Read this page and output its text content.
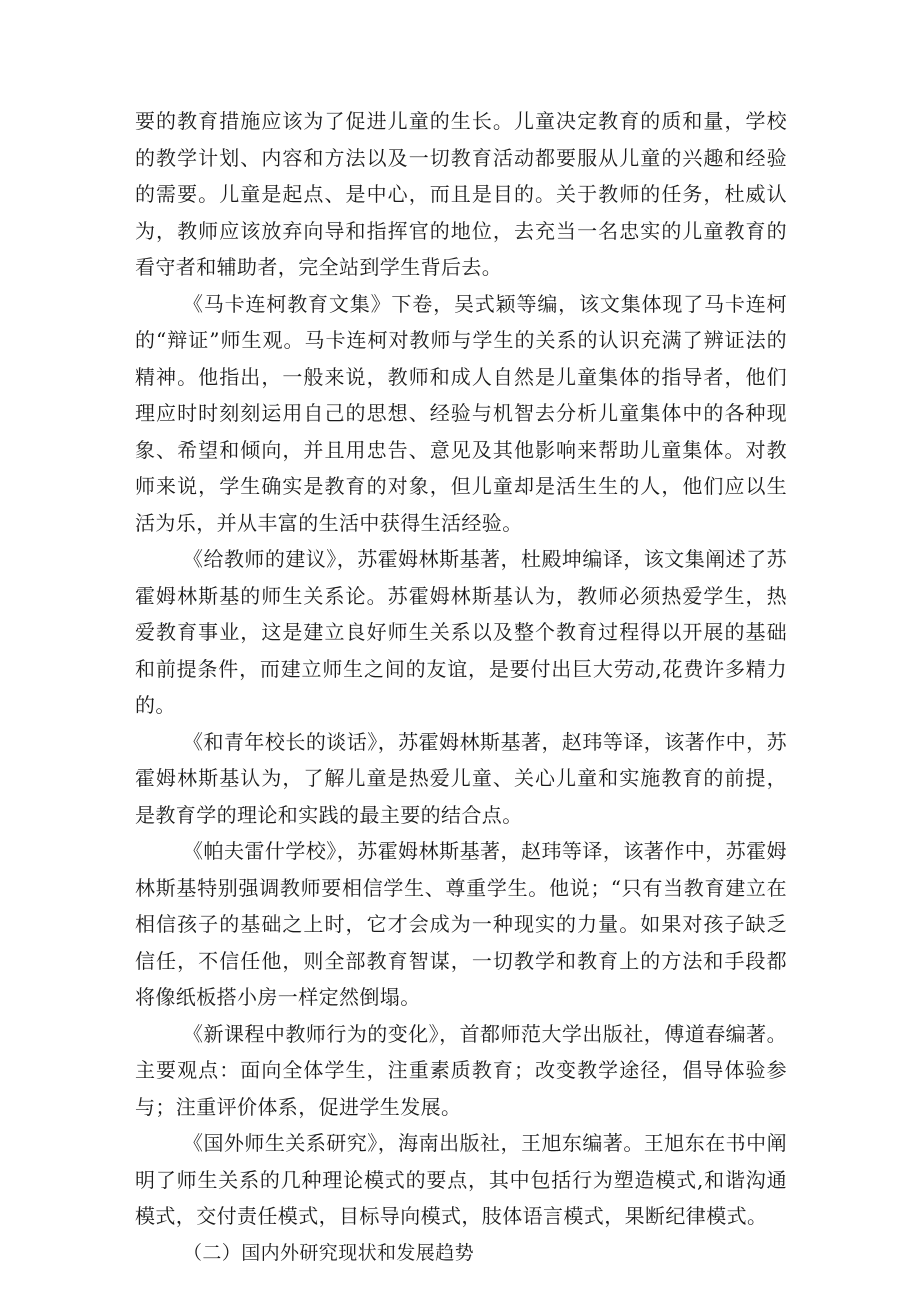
要的教育措施应该为了促进儿童的生长。儿童决定教育的质和量，学校的教学计划、内容和方法以及一切教育活动都要服从儿童的兴趣和经验的需要。儿童是起点、是中心，而且是目的。关于教师的任务，杜威认为，教师应该放弃向导和指挥官的地位，去充当一名忠实的儿童教育的看守者和辅助者，完全站到学生背后去。

《马卡连柯教育文集》下卷，吴式颖等编，该文集体现了马卡连柯的“辩证”师生观。马卡连柯对教师与学生的关系的认识充满了辨证法的精神。他指出，一般来说，教师和成人自然是儿童集体的指导者，他们理应时时刻刻运用自己的思想、经验与机智去分析儿童集体中的各种现象、希望和倾向，并且用忠告、意见及其他影响来帮助儿童集体。对教师来说，学生确实是教育的对象，但儿童却是活生生的人，他们应以生活为乐，并从丰富的生活中获得生活经验。

《给教师的建议》，苏霍姆林斯基著，杜殿坤编译，该文集阐述了苏霍姆林斯基的师生关系论。苏霍姆林斯基认为，教师必须热爱学生，热爱教育事业，这是建立良好师生关系以及整个教育过程得以开展的基础和前提条件，而建立师生之间的友谊，是要付出巨大劳动,花费许多精力的。

《和青年校长的谈话》，苏霍姆林斯基著，赵玮等译，该著作中，苏霍姆林斯基认为，了解儿童是热爱儿童、关心儿童和实施教育的前提，是教育学的理论和实践的最主要的结合点。

《帕夫雷什学校》，苏霍姆林斯基著，赵玮等译，该著作中，苏霍姆林斯基特别强调教师要相信学生、尊重学生。他说；“只有当教育建立在相信孩子的基础之上时，它才会成为一种现实的力量。如果对孩子缺乏信任，不信任他，则全部教育智谋，一切教学和教育上的方法和手段都将像纸板搭小房一样定然倒塌。

《新课程中教师行为的变化》，首都师范大学出版社，傅道春编著。主要观点：面向全体学生，注重素质教育；改变教学途径，倡导体验参与；注重评价体系，促进学生发展。

《国外师生关系研究》，海南出版社，王旭东编著。王旭东在书中阐明了师生关系的几种理论模式的要点，其中包括行为塑造模式,和谐沟通模式，交付责任模式，目标导向模式，肢体语言模式，果断纪律模式。

（二）国内外研究现状和发展趋势
